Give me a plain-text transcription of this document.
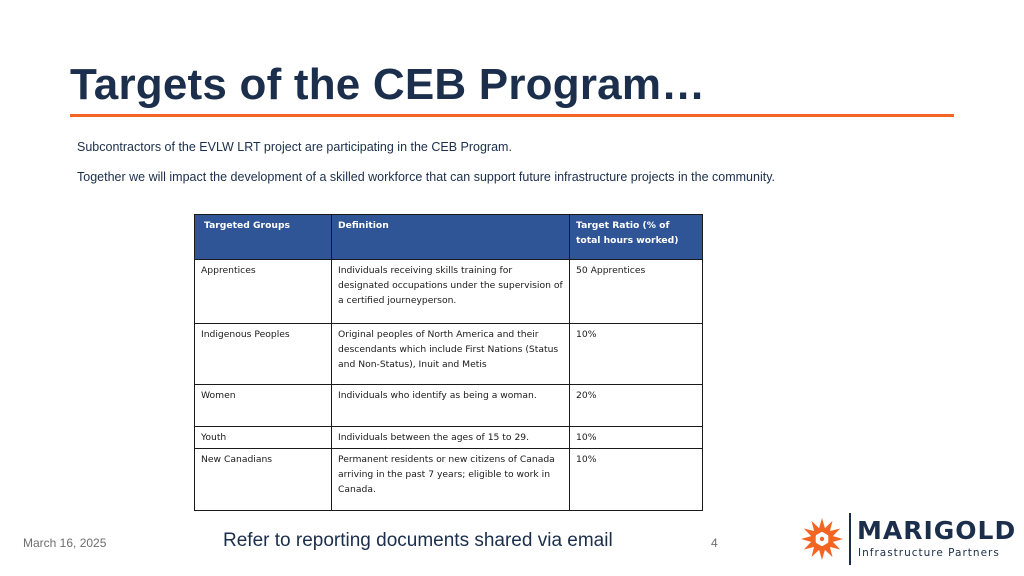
Targets of the CEB Program…
Subcontractors of the EVLW LRT project are participating in the CEB Program.
Together we will impact the development of a skilled workforce that can support future infrastructure projects in the community.
Targeted Groups	Definition	Target Ratio (% of total hours worked)
Apprentices	Individuals receiving skills training for designated occupations under the supervision of a certified journeyperson.	50 Apprentices
Indigenous Peoples	Original peoples of North America and their descendants which include First Nations (Status and Non-Status), Inuit and Metis	10%
Women	Individuals who identify as being a woman.	20%
Youth	Individuals between the ages of 15 to 29.	10%
New Canadians	Permanent residents or new citizens of Canada arriving in the past 7 years; eligible to work in Canada.	10%
March 16, 2025	Refer to reporting documents shared via email	4	MARIGOLD
Infrastructure Partners
